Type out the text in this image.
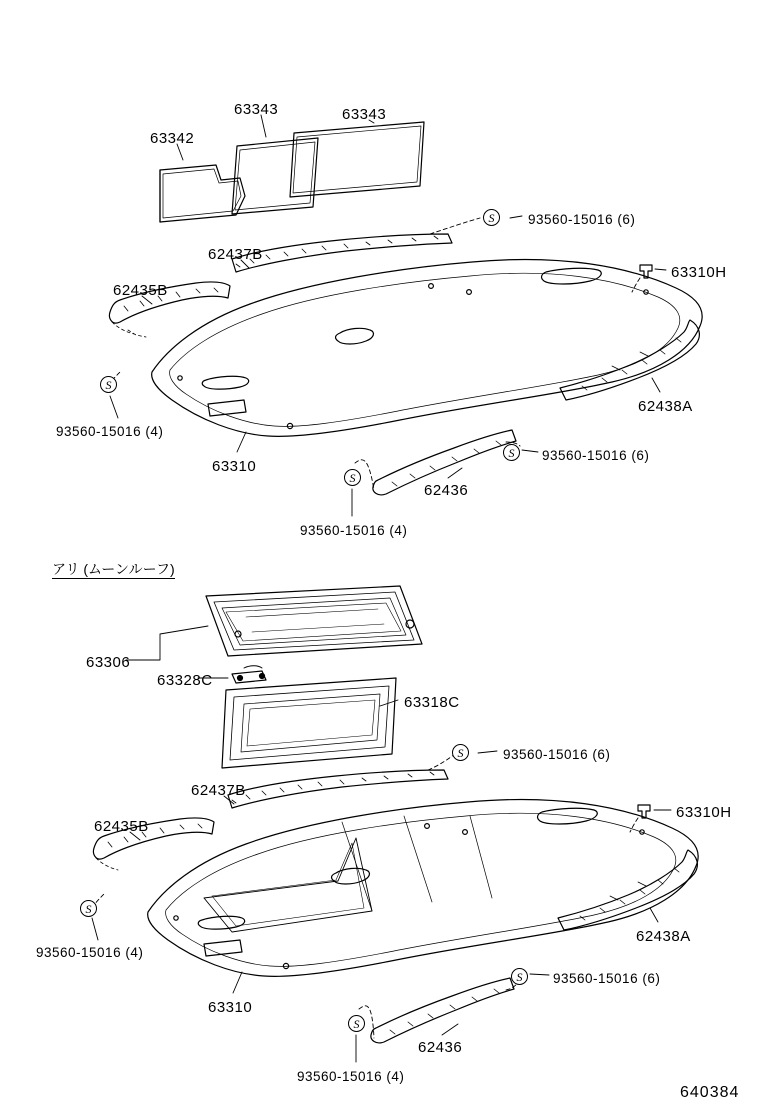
アリ (ムーンルーフ)
63342
63343	63343
62437B
62435B
63310
62436
62438A
63310H
93560-15016 (6)
93560-15016 (6)
93560-15016 (4)
93560-15016 (4)
S
S
S
S
63306
63328C
63318C
62437B
62435B
63310
62436
62438A
63310H
93560-15016 (6)
93560-15016 (6)
93560-15016 (4)
93560-15016 (4)
S
S
S
S
640384
